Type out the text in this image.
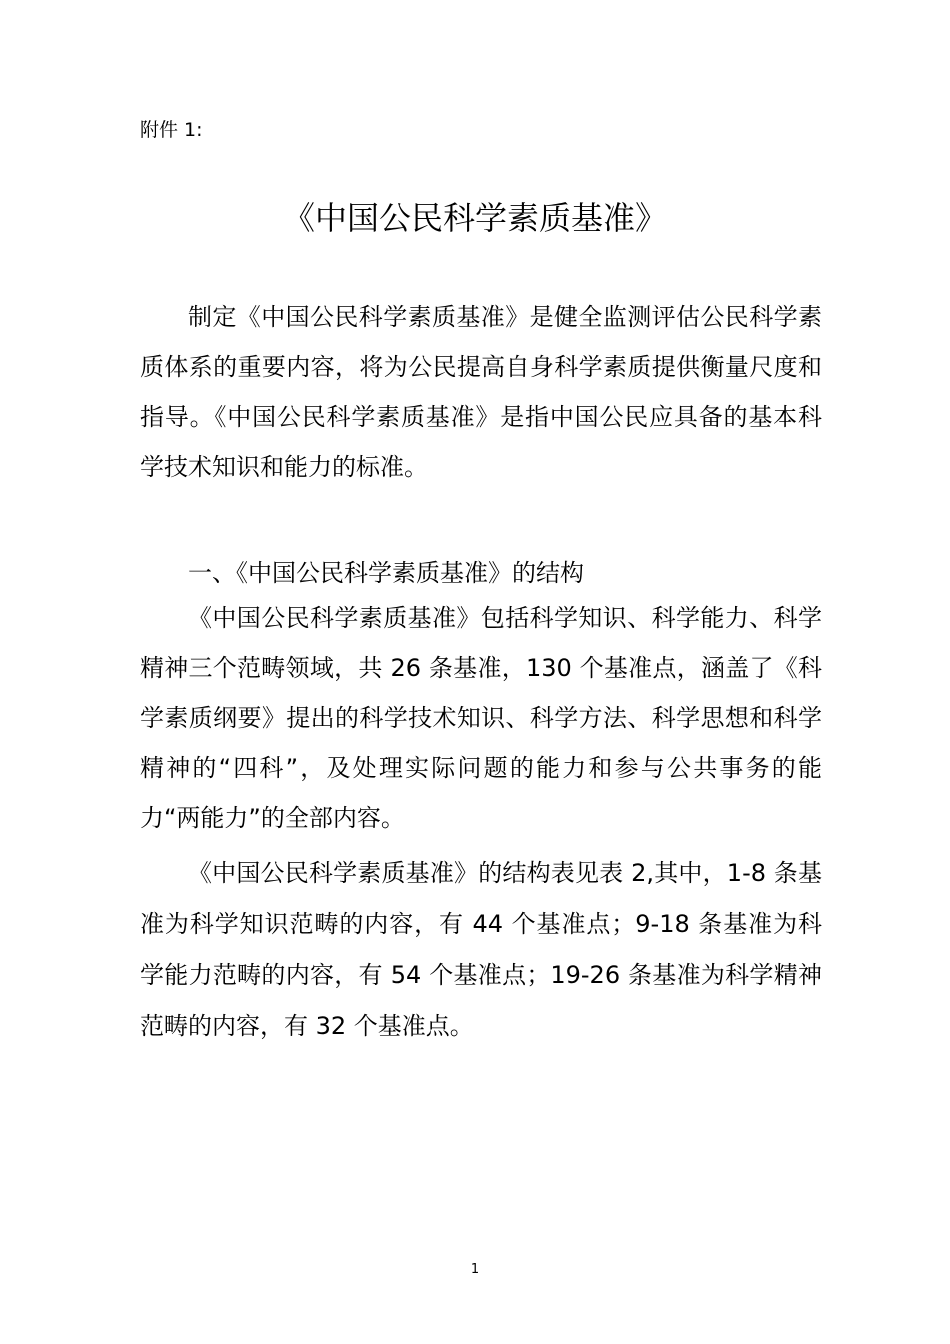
附件 1:
《中国公民科学素质基准》

制定《中国公民科学素质基准》是健全监测评估公民科学素质体系的重要内容，将为公民提高自身科学素质提供衡量尺度和指导。《中国公民科学素质基准》是指中国公民应具备的基本科学技术知识和能力的标准。

一、《中国公民科学素质基准》的结构

《中国公民科学素质基准》包括科学知识、科学能力、科学精神三个范畴领域，共 26 条基准，130 个基准点，涵盖了《科学素质纲要》提出的科学技术知识、科学方法、科学思想和科学精神的“四科”，及处理实际问题的能力和参与公共事务的能力“两能力”的全部内容。

《中国公民科学素质基准》的结构表见表 2,其中，1-8 条基准为科学知识范畴的内容，有 44 个基准点；9-18 条基准为科学能力范畴的内容，有 54 个基准点；19-26 条基准为科学精神范畴的内容，有 32 个基准点。

1
